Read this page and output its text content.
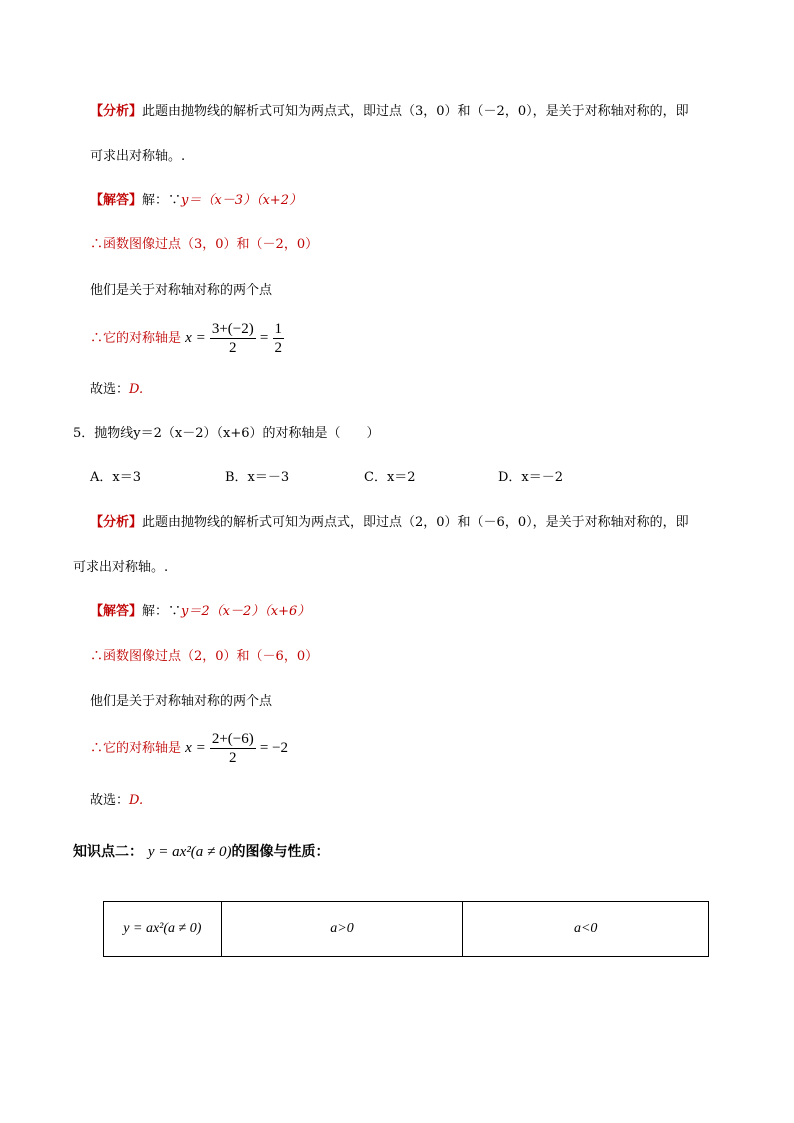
【分析】此题由抛物线的解析式可知为两点式，即过点（3，0）和（－2，0），是关于对称轴对称的，即
可求出对称轴。.
【解答】解：∵y＝（x－3）（x+2）
∴函数图像过点（3，0）和（－2，0）
他们是关于对称轴对称的两个点
∴它的对称轴是 $x = \frac{3+(-2)}{2} = \frac{1}{2}$
故选：D.
5．抛物线y＝2（x－2）（x+6）的对称轴是（　　）
A．x＝3	B．x＝－3	C．x＝2	D．x＝－2
【分析】此题由抛物线的解析式可知为两点式，即过点（2，0）和（－6，0），是关于对称轴对称的，即
可求出对称轴。.
【解答】解：∵y＝2（x－2）（x+6）
∴函数图像过点（2，0）和（－6，0）
他们是关于对称轴对称的两个点
∴它的对称轴是 $x = \frac{2+(-6)}{2} = -2$
故选：D.
知识点二： y = ax²(a ≠ 0)的图像与性质：
y = ax²(a ≠ 0)	a>0	a<0
